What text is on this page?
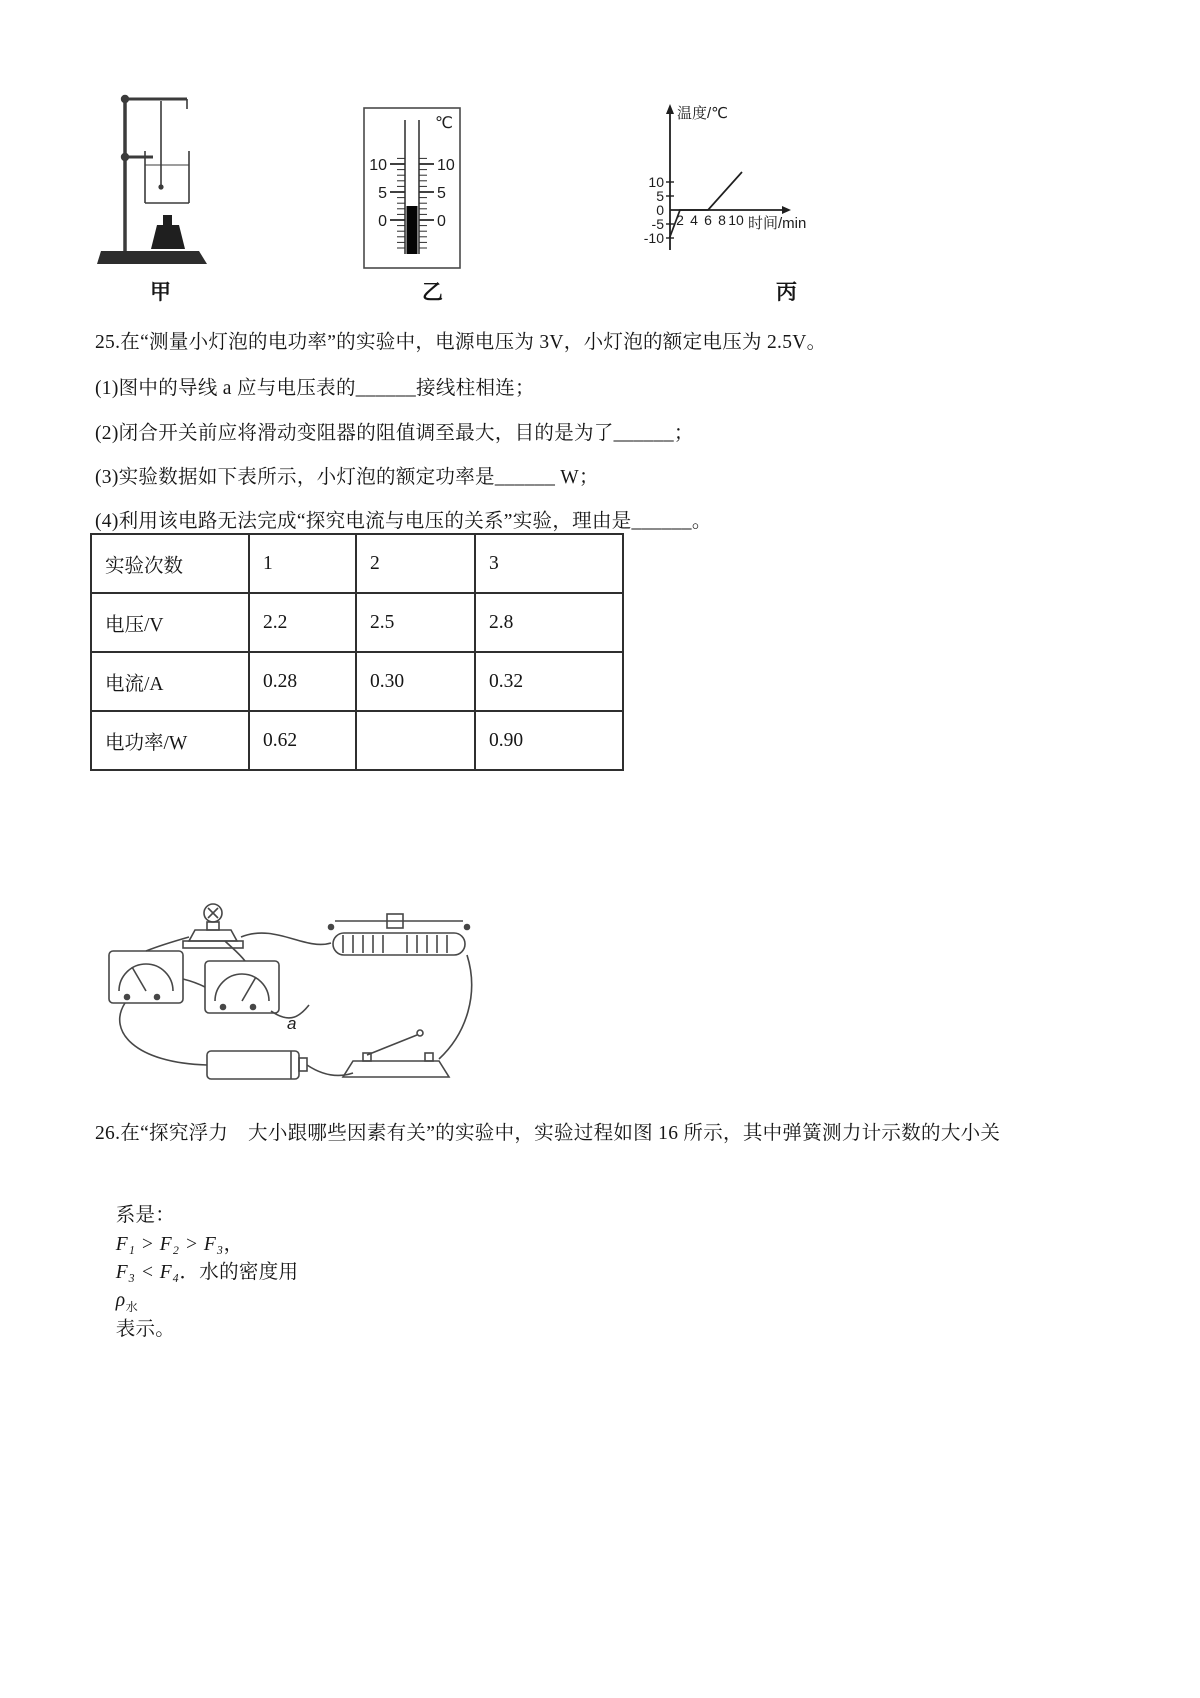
℃
10
5
0
10
5
0
温度/℃
10
5
0
-5
-10
2 4 6 8 10 时间/min
甲	乙	丙
25.在“测量小灯泡的电功率”的实验中，电源电压为 3V，小灯泡的额定电压为 2.5V。
(1)图中的导线 a 应与电压表的______接线柱相连；
(2)闭合开关前应将滑动变阻器的阻值调至最大，目的是为了______；
(3)实验数据如下表所示，小灯泡的额定功率是______ W；
(4)利用该电路无法完成“探究电流与电压的关系”实验，理由是______。
实验次数	1	2	3
电压/V	2.2	2.5	2.8
电流/A	0.28	0.30	0.32
电功率/W	0.62		0.90
a
26.在“探究浮力　大小跟哪些因素有关”的实验中，实验过程如图 16 所示，其中弹簧测力计示数的大小关

系是：
F₁ > F₂ > F₃，
F₃ < F₄．水的密度用
$\rho_水$
表示。
